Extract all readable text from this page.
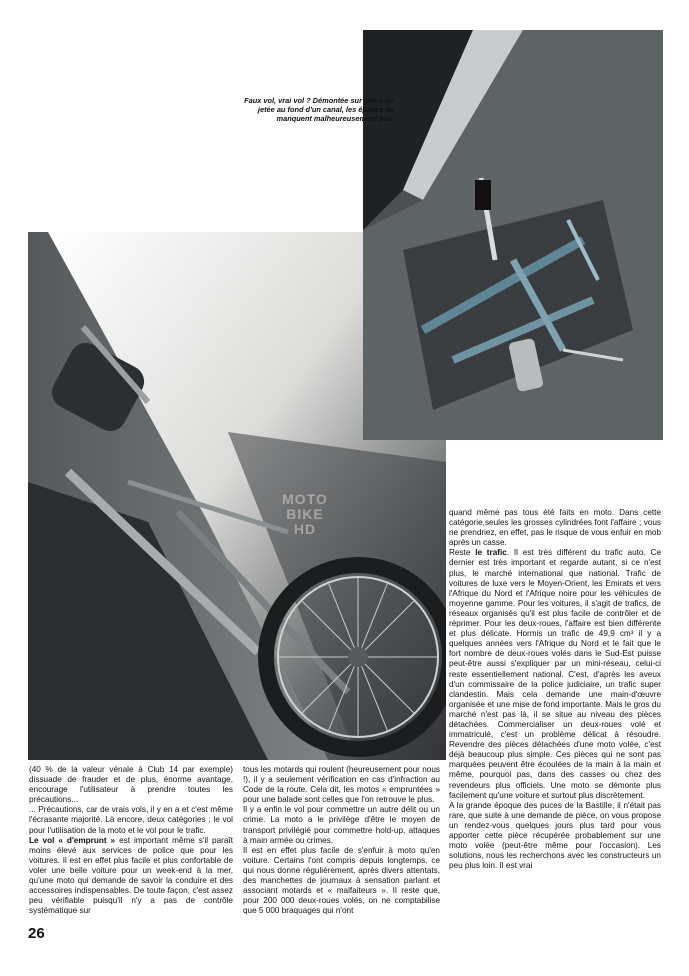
Faux vol, vrai vol ? Démontée sur place ou jetée au fond d'un canal, les épaves ne manquent malheureusement pas.
MOTO
BIKE
HD

(40 % de la valeur vénale à Club 14 par exemple) dissuade de frauder et de plus, énorme avantage, encourage l'utilisateur à prendre toutes les précautions...

... Précautions, car de vrais vols, il y en a et c'est même l'écrasante majorité. Là encore, deux catégories : le vol pour l'utilisation de la moto et le vol pour le trafic.

Le vol « d'emprunt » est important même s'il paraît moins élevé aux services de police que pour les voitures. Il est en effet plus facile et plus confortable de voler une belle voiture pour un week-end à la mer, qu'une moto qui demande de savoir la conduire et des accessoires indispensables. De toute façon, c'est assez peu vérifiable puisqu'il n'y a pas de contrôle systématique sur

tous les motards qui roulent (heureusement pour nous !), il y a seulement vérification en cas d'infraction au Code de la route. Cela dit, les motos « empruntées » pour une balade sont celles que l'on retrouve le plus.

Il y a enfin le vol pour commettre un autre délit ou un crime. La moto a le privilège d'être le moyen de transport privilégié pour commettre hold-up, attaques à main armée ou crimes.

Il est en effet plus facile de s'enfuir à moto qu'en voiture. Certains l'ont compris depuis longtemps, ce qui nous donne régulièrement, après divers attentats, des manchettes de journaux à sensation parlant et associant motards et « malfaiteurs ». Il reste que, pour 200 000 deux-roues volés, on ne comptabilise que 5 000 braquages qui n'ont

quand même pas tous été faits en moto. Dans cette catégorie,seules les grosses cylindrées font l'affaire ; vous ne prendriez, en effet, pas le risque de vous enfuir en mob après un casse.

Reste le trafic. Il est très différent du trafic auto. Ce dernier est très important et regarde autant, si ce n'est plus, le marché international que national. Trafic de voitures de luxe vers le Moyen-Orient, les Emirats et vers l'Afrique du Nord et l'Afrique noire pour les véhicules de moyenne gamme. Pour les voitures, il s'agit de trafics, de réseaux organisés qu'il est plus facile de contrôler et de réprimer. Pour les deux-roues, l'affaire est bien différente et plus délicate. Hormis un trafic de 49,9 cm³ il y a quelques années vers l'Afrique du Nord et le fait que le fort nombre de deux-roues volés dans le Sud-Est puisse peut-être aussi s'expliquer par un mini-réseau, celui-ci reste essentiellement national. C'est, d'après les aveux d'un commissaire de la police judiciaire, un trafic super clandestin. Mais cela demande une main-d'œuvre organisée et une mise de fond importante. Mais le gros du marché n'est pas là, il se situe au niveau des pièces détachées. Commercialiser un deux-roues volé et immatriculé, c'est un problème délicat à résoudre. Revendre des pièces détachées d'une moto volée, c'est déjà beaucoup plus simple. Ces pièces qui ne sont pas marquées peuvent être écoulées de la main à la main et même, pourquoi pas, dans des casses ou chez des revendeurs plus officiels. Une moto se démonte plus facilement qu'une voiture et surtout plus discrètement.

A la grande époque des puces de la Bastille, il n'était pas rare, que suite à une demande de pièce, on vous propose un rendez-vous quelques jours plus tard pour vous apporter cette pièce récupérée probablement sur une moto volée (peut-être même pour l'occasion). Les solutions, nous les recherchons avec les constructeurs un peu plus loin. Il est vrai

26
